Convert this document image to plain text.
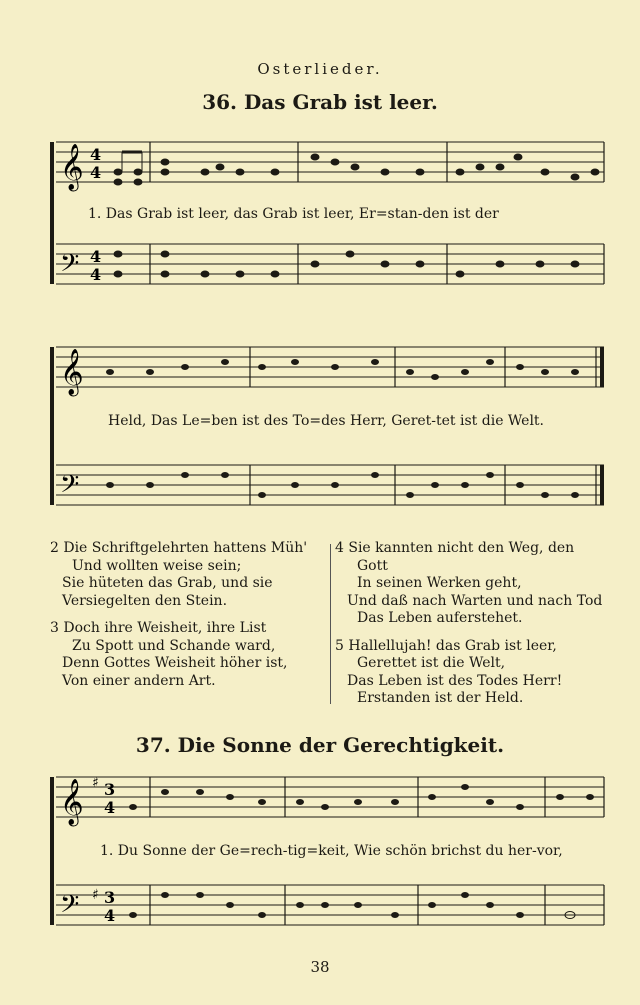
Osterlieder.
36. Das Grab ist leer.
𝄞 4
4
𝄢 4
4
1. Das Grab ist leer, das Grab ist leer, Er=stan-den ist der
𝄞
𝄢
Held, Das Le=ben ist des To=des Herr, Geret-tet ist die Welt.
2 Die Schriftgelehrten hattens Müh'
Und wollten weise sein;
Sie hüteten das Grab, und sie
Versiegelten den Stein.
3 Doch ihre Weisheit, ihre List
Zu Spott und Schande ward,
Denn Gottes Weisheit höher ist,
Von einer andern Art.
4 Sie kannten nicht den Weg, den
Gott
In seinen Werken geht,
Und daß nach Warten und nach Tod
Das Leben auferstehet.
5 Hallellujah! das Grab ist leer,
Gerettet ist die Welt,
Das Leben ist des Todes Herr!
Erstanden ist der Held.
37. Die Sonne der Gerechtigkeit.
𝄞 ♯ 3
4
𝄢 ♯ 3
4
1. Du Sonne der Ge=rech-tig=keit, Wie schön brichst du her-vor,
38
